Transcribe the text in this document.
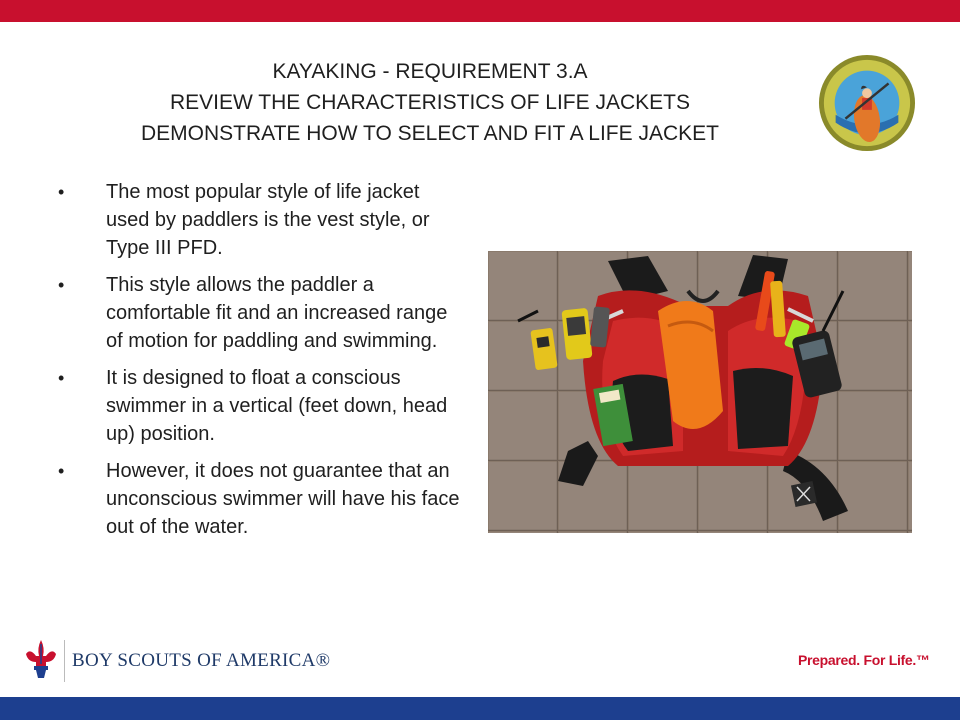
KAYAKING - REQUIREMENT 3.A
REVIEW THE CHARACTERISTICS OF LIFE JACKETS
DEMONSTRATE HOW TO SELECT AND FIT A LIFE JACKET
• The most popular style of life jacket used by paddlers is the vest style, or Type III PFD.
• This style allows the paddler a comfortable fit and an increased range of motion for paddling and swimming.
• It is designed to float a conscious swimmer in a vertical (feet down, head up) position.
• However, it does not guarantee that an unconscious swimmer will have his face out of the water.
BOY SCOUTS OF AMERICA®	Prepared. For Life.™
